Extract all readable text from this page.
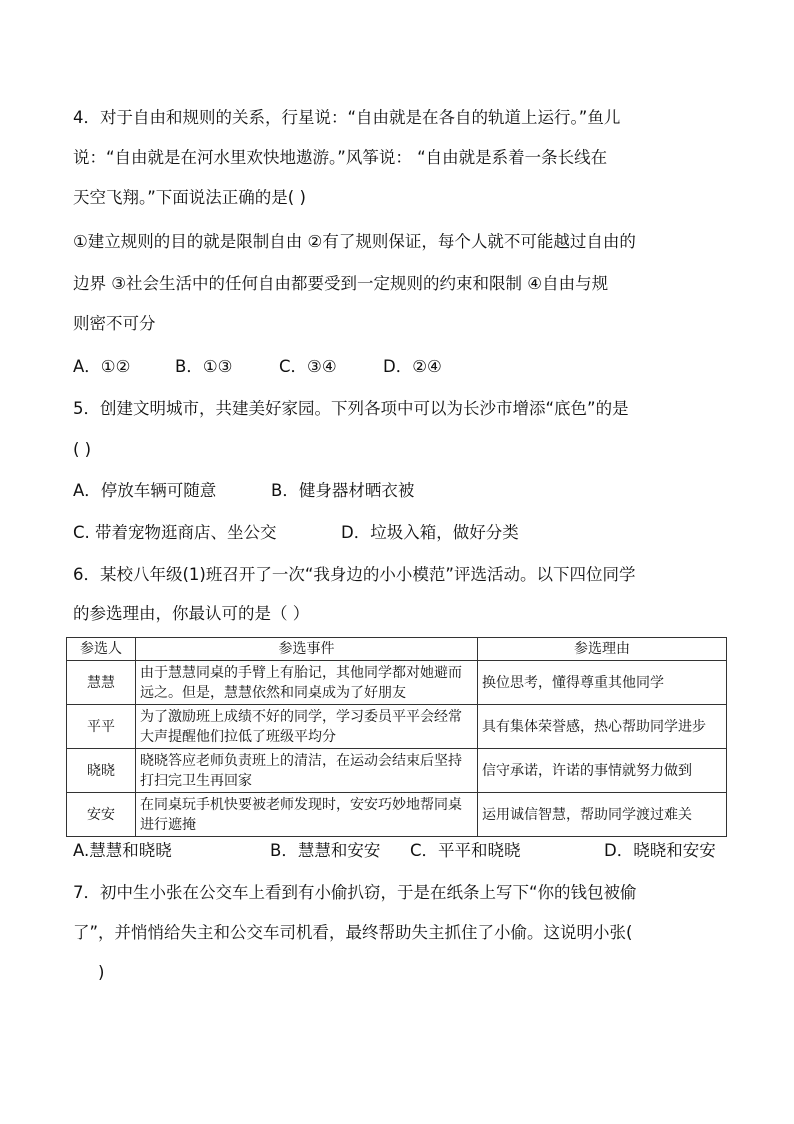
4．对于自由和规则的关系，行星说：“自由就是在各自的轨道上运行。”鱼儿
说：“自由就是在河水里欢快地遨游。”风筝说： “自由就是系着一条长线在
天空飞翔。”下面说法正确的是( )
①建立规则的目的就是限制自由 ②有了规则保证，每个人就不可能越过自由的
边界 ③社会生活中的任何自由都要受到一定规则的约束和限制 ④自由与规
则密不可分
A．①②	B．①③	C．③④	D．②④
5．创建文明城市，共建美好家园。下列各项中可以为长沙市增添“底色”的是
( )
A．停放车辆可随意	B．健身器材晒衣被
C. 带着宠物逛商店、坐公交	D．垃圾入箱，做好分类
6．某校八年级(1)班召开了一次“我身边的小小模范”评选活动。以下四位同学
的参选理由，你最认可的是（ ）
参选人	参选事件	参选理由
慧慧	由于慧慧同桌的手臂上有胎记，其他同学都对她避而远之。但是，慧慧依然和同桌成为了好朋友	换位思考，懂得尊重其他同学
平平	为了激励班上成绩不好的同学，学习委员平平会经常大声提醒他们拉低了班级平均分	具有集体荣誉感，热心帮助同学进步
晓晓	晓晓答应老师负责班上的清洁，在运动会结束后坚持打扫完卫生再回家	信守承诺，许诺的事情就努力做到
安安	在同桌玩手机快要被老师发现时，安安巧妙地帮同桌进行遮掩	运用诚信智慧，帮助同学渡过难关
A.慧慧和晓晓	B．慧慧和安安 C．平平和晓晓	D．晓晓和安安
7．初中生小张在公交车上看到有小偷扒窃，于是在纸条上写下“你的钱包被偷
了”，并悄悄给失主和公交车司机看，最终帮助失主抓住了小偷。这说明小张(
)
